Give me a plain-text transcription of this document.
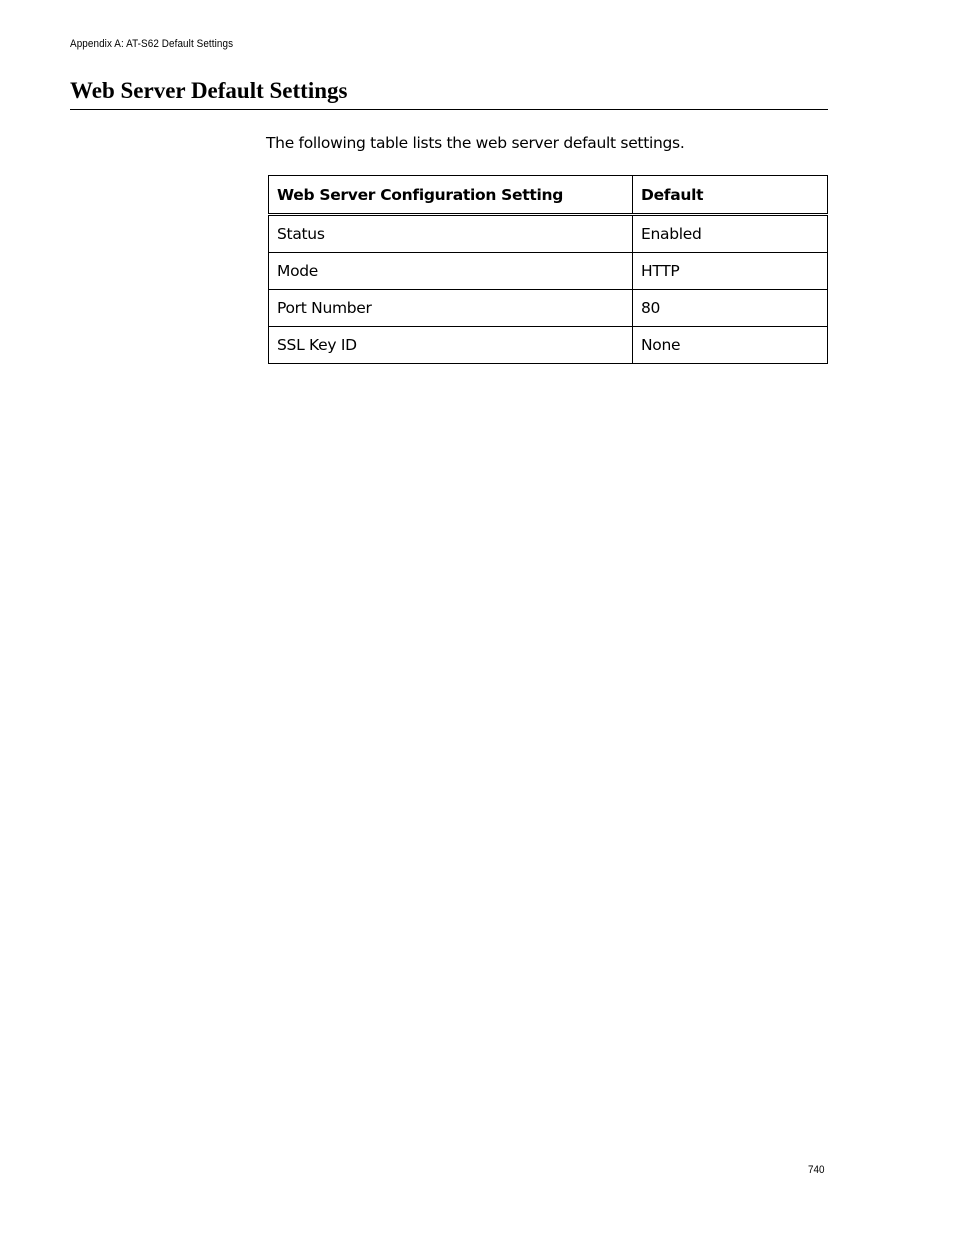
Appendix A: AT-S62 Default Settings
Web Server Default Settings

The following table lists the web server default settings.

Web Server Configuration Setting	Default
Status	Enabled
Mode	HTTP
Port Number	80
SSL Key ID	None
740
